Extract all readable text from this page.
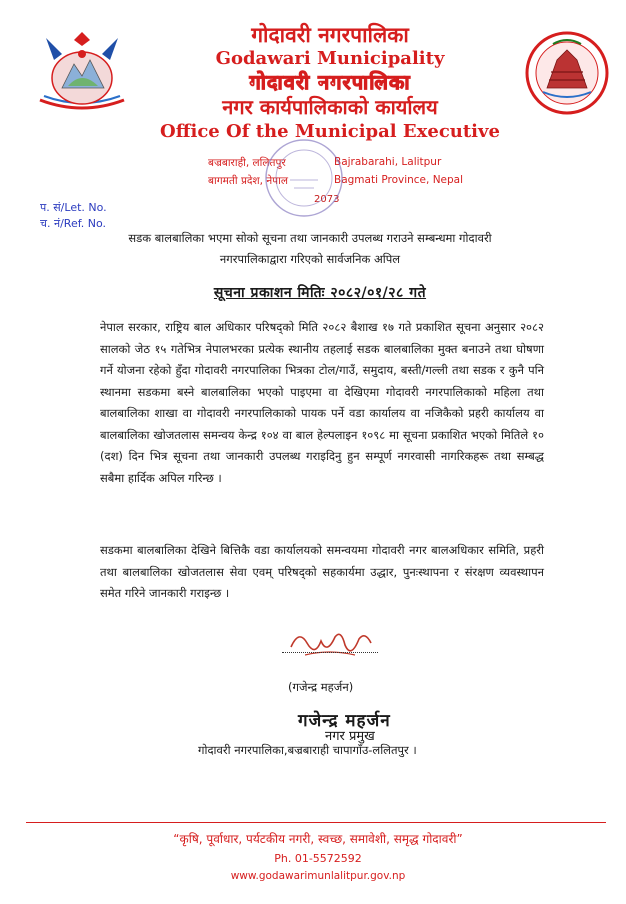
गोदावरी नगरपालिका
Godawari Municipality
गोदावरी नगरपालिका
नगर कार्यपालिकाको कार्यालय
Office Of the Municipal Executive
बज्रबाराही, ललितपुर	Bajrabarahi, Lalitpur
बागमती प्रदेश, नेपाल	Bagmati Province, Nepal
2073
प. सं/Let. No.
च. नं/Ref. No.
सडक बालबालिका भएमा सोको सूचना तथा जानकारी उपलब्ध गराउने सम्बन्धमा गोदावरी
नगरपालिकाद्वारा गरिएको सार्वजनिक अपिल
सूचना प्रकाशन मितिः २०८२/०१/२८ गते
नेपाल सरकार, राष्ट्रिय बाल अधिकार परिषद्को मिति २०८२ बैशाख १७ गते प्रकाशित सूचना अनुसार २०८२ सालको जेठ १५ गतेभित्र नेपालभरका प्रत्येक स्थानीय तहलाई सडक बालबालिका मुक्त बनाउने तथा घोषणा गर्ने योजना रहेको हुँदा गोदावरी नगरपालिका भित्रका टोल/गाउँ, समुदाय, बस्ती/गल्ली तथा सडक र कुनै पनि स्थानमा सडकमा बस्ने बालबालिका भएको पाइएमा वा देखिएमा गोदावरी नगरपालिकाको महिला तथा बालबालिका शाखा वा गोदावरी नगरपालिकाको पायक पर्ने वडा कार्यालय वा नजिकैको प्रहरी कार्यालय वा बालबालिका खोजतलास समन्वय केन्द्र १०४ वा बाल हेल्पलाइन १०९८ मा सूचना प्रकाशित भएको मितिले १० (दश) दिन भित्र सूचना तथा जानकारी उपलब्ध गराइदिनु हुन सम्पूर्ण नगरवासी नागरिकहरू तथा सम्बद्ध सबैमा हार्दिक अपिल गरिन्छ ।
सडकमा बालबालिका देखिने बित्तिकै वडा कार्यालयको समन्वयमा गोदावरी नगर बालअधिकार समिति, प्रहरी तथा बालबालिका खोजतलास सेवा एवम् परिषद्को सहकार्यमा उद्धार, पुनःस्थापना र संरक्षण व्यवस्थापन समेत गरिने जानकारी गराइन्छ ।
(गजेन्द्र महर्जन)
गजेन्द्र महर्जन
नगर प्रमुख
गोदावरी नगरपालिका,बज्रबाराही चापागाँउ-ललितपुर ।
“कृषि, पूर्वाधार, पर्यटकीय नगरी, स्वच्छ, समावेशी, समृद्ध गोदावरी”
Ph. 01-5572592
www.godawarimunlalitpur.gov.np
